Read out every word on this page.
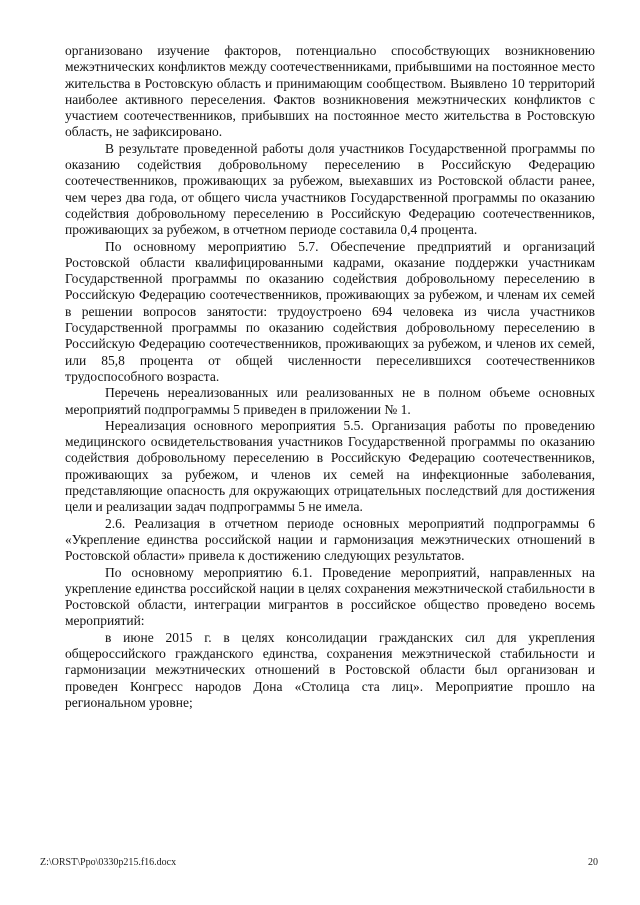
организовано изучение факторов, потенциально способствующих возникновению межэтнических конфликтов между соотечественниками, прибывшими на постоянное место жительства в Ростовскую область и принимающим сообществом. Выявлено 10 территорий наиболее активного переселения. Фактов возникновения межэтнических конфликтов с участием соотечественников, прибывших на постоянное место жительства в Ростовскую область, не зафиксировано.

В результате проведенной работы доля участников Государственной программы по оказанию содействия добровольному переселению в Российскую Федерацию соотечественников, проживающих за рубежом, выехавших из Ростовской области ранее, чем через два года, от общего числа участников Государственной программы по оказанию содействия добровольному переселению в Российскую Федерацию соотечественников, проживающих за рубежом, в отчетном периоде составила 0,4 процента.

По основному мероприятию 5.7. Обеспечение предприятий и организаций Ростовской области квалифицированными кадрами, оказание поддержки участникам Государственной программы по оказанию содействия добровольному переселению в Российскую Федерацию соотечественников, проживающих за рубежом, и членам их семей в решении вопросов занятости: трудоустроено 694 человека из числа участников Государственной программы по оказанию содействия добровольному переселению в Российскую Федерацию соотечественников, проживающих за рубежом, и членов их семей, или 85,8 процента от общей численности переселившихся соотечественников трудоспособного возраста.

Перечень нереализованных или реализованных не в полном объеме основных мероприятий подпрограммы 5 приведен в приложении № 1.

Нереализация основного мероприятия 5.5. Организация работы по проведению медицинского освидетельствования участников Государственной программы по оказанию содействия добровольному переселению в Российскую Федерацию соотечественников, проживающих за рубежом, и членов их семей на инфекционные заболевания, представляющие опасность для окружающих отрицательных последствий для достижения цели и реализации задач подпрограммы 5 не имела.

2.6. Реализация в отчетном периоде основных мероприятий подпрограммы 6 «Укрепление единства российской нации и гармонизация межэтнических отношений в Ростовской области» привела к достижению следующих результатов.

По основному мероприятию 6.1. Проведение мероприятий, направленных на укрепление единства российской нации в целях сохранения межэтнической стабильности в Ростовской области, интеграции мигрантов в российское общество проведено восемь мероприятий:

в июне 2015 г. в целях консолидации гражданских сил для укрепления общероссийского гражданского единства, сохранения межэтнической стабильности и гармонизации межэтнических отношений в Ростовской области был организован и проведен Конгресс народов Дона «Столица ста лиц». Мероприятие прошло на региональном уровне;

Z:\ORST\Ppo\0330p215.f16.docx	20
